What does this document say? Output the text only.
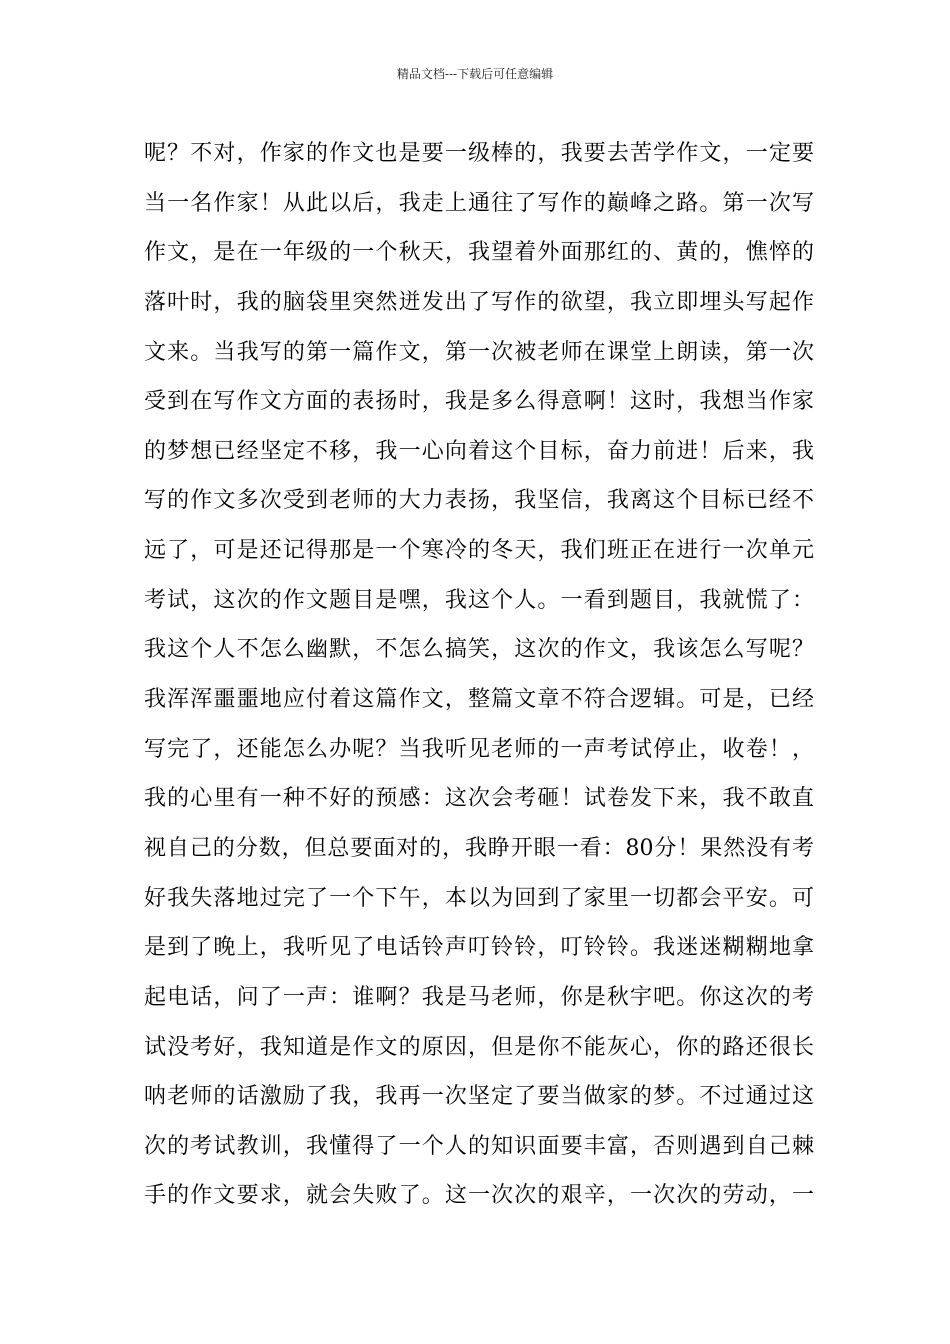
精品文档---下载后可任意编辑
呢？不对，作家的作文也是要一级棒的，我要去苦学作文，一定要
当一名作家！从此以后，我走上通往了写作的巅峰之路。第一次写
作文，是在一年级的一个秋天，我望着外面那红的、黄的，憔悴的
落叶时，我的脑袋里突然迸发出了写作的欲望，我立即埋头写起作
文来。当我写的第一篇作文，第一次被老师在课堂上朗读，第一次
受到在写作文方面的表扬时，我是多么得意啊！这时，我想当作家
的梦想已经坚定不移，我一心向着这个目标，奋力前进！后来，我
写的作文多次受到老师的大力表扬，我坚信，我离这个目标已经不
远了，可是还记得那是一个寒冷的冬天，我们班正在进行一次单元
考试，这次的作文题目是嘿，我这个人。一看到题目，我就慌了：
我这个人不怎么幽默，不怎么搞笑，这次的作文，我该怎么写呢？
我浑浑噩噩地应付着这篇作文，整篇文章不符合逻辑。可是，已经
写完了，还能怎么办呢？当我听见老师的一声考试停止，收卷！，
我的心里有一种不好的预感：这次会考砸！试卷发下来，我不敢直
视自己的分数，但总要面对的，我睁开眼一看：80分！果然没有考
好我失落地过完了一个下午，本以为回到了家里一切都会平安。可
是到了晚上，我听见了电话铃声叮铃铃，叮铃铃。我迷迷糊糊地拿
起电话，问了一声：谁啊？我是马老师，你是秋宇吧。你这次的考
试没考好，我知道是作文的原因，但是你不能灰心，你的路还很长
呐老师的话激励了我，我再一次坚定了要当做家的梦。不过通过这
次的考试教训，我懂得了一个人的知识面要丰富，否则遇到自己棘
手的作文要求，就会失败了。这一次次的艰辛，一次次的劳动，一
